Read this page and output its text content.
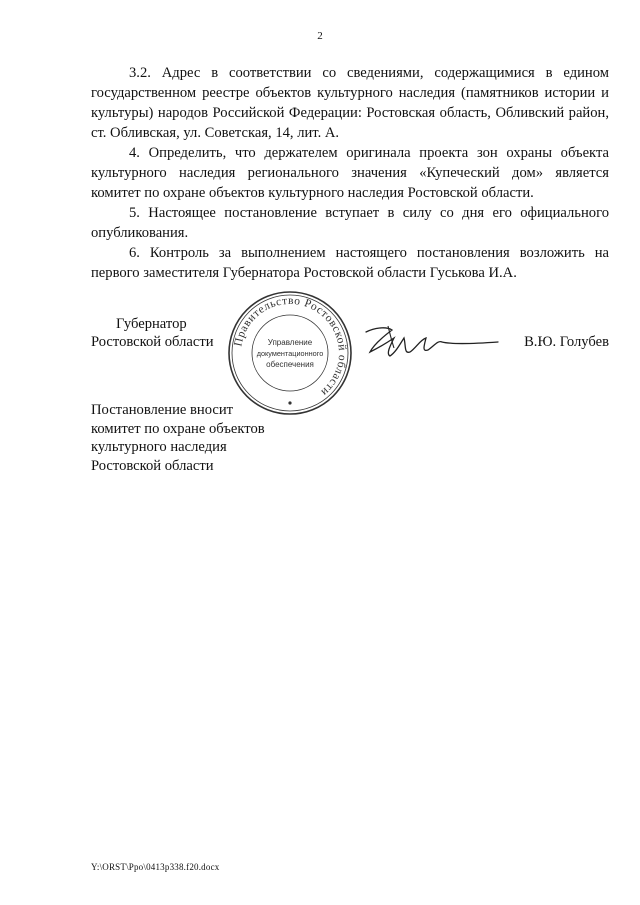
2

3.2. Адрес в соответствии со сведениями, содержащимися в едином государственном реестре объектов культурного наследия (памятников истории и культуры) народов Российской Федерации: Ростовская область, Обливский район, ст. Обливская, ул. Советская, 14, лит. А.

4. Определить, что держателем оригинала проекта зон охраны объекта культурного наследия регионального значения «Купеческий дом» является комитет по охране объектов культурного наследия Ростовской области.

5. Настоящее постановление вступает в силу со дня его официального опубликования.

6. Контроль за выполнением настоящего постановления возложить на первого заместителя Губернатора Ростовской области Гуськова И.А.

Губернатор
Ростовской области Правительство Ростовской области
Управление
документационного
обеспечения
В.Ю. Голубев
Постановление вносит
комитет по охране объектов
культурного наследия
Ростовской области
Y:\ORST\Ppo\0413p338.f20.docx
